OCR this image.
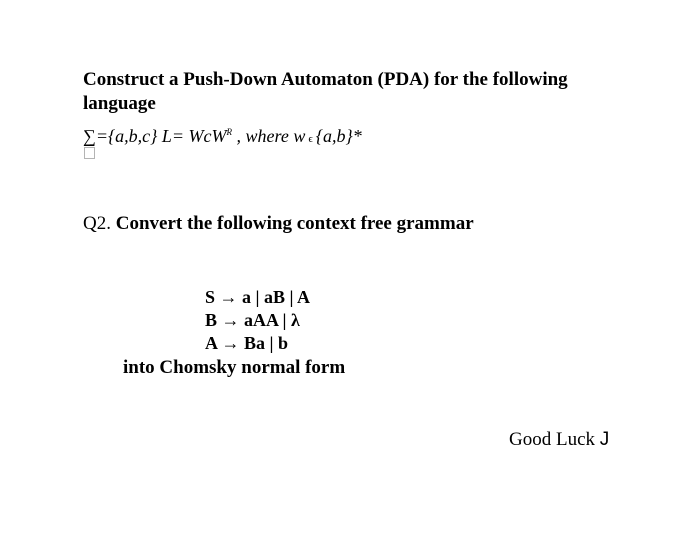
Construct a Push-Down Automaton (PDA) for the following
language
∑={a,b,c} L= WcW$^R$ , where w ϵ {a,b}*
Q2. Convert the following context free grammar
S → a | aB | A
B → aAA | λ
A → Ba | b
into Chomsky normal form
Good Luck J
